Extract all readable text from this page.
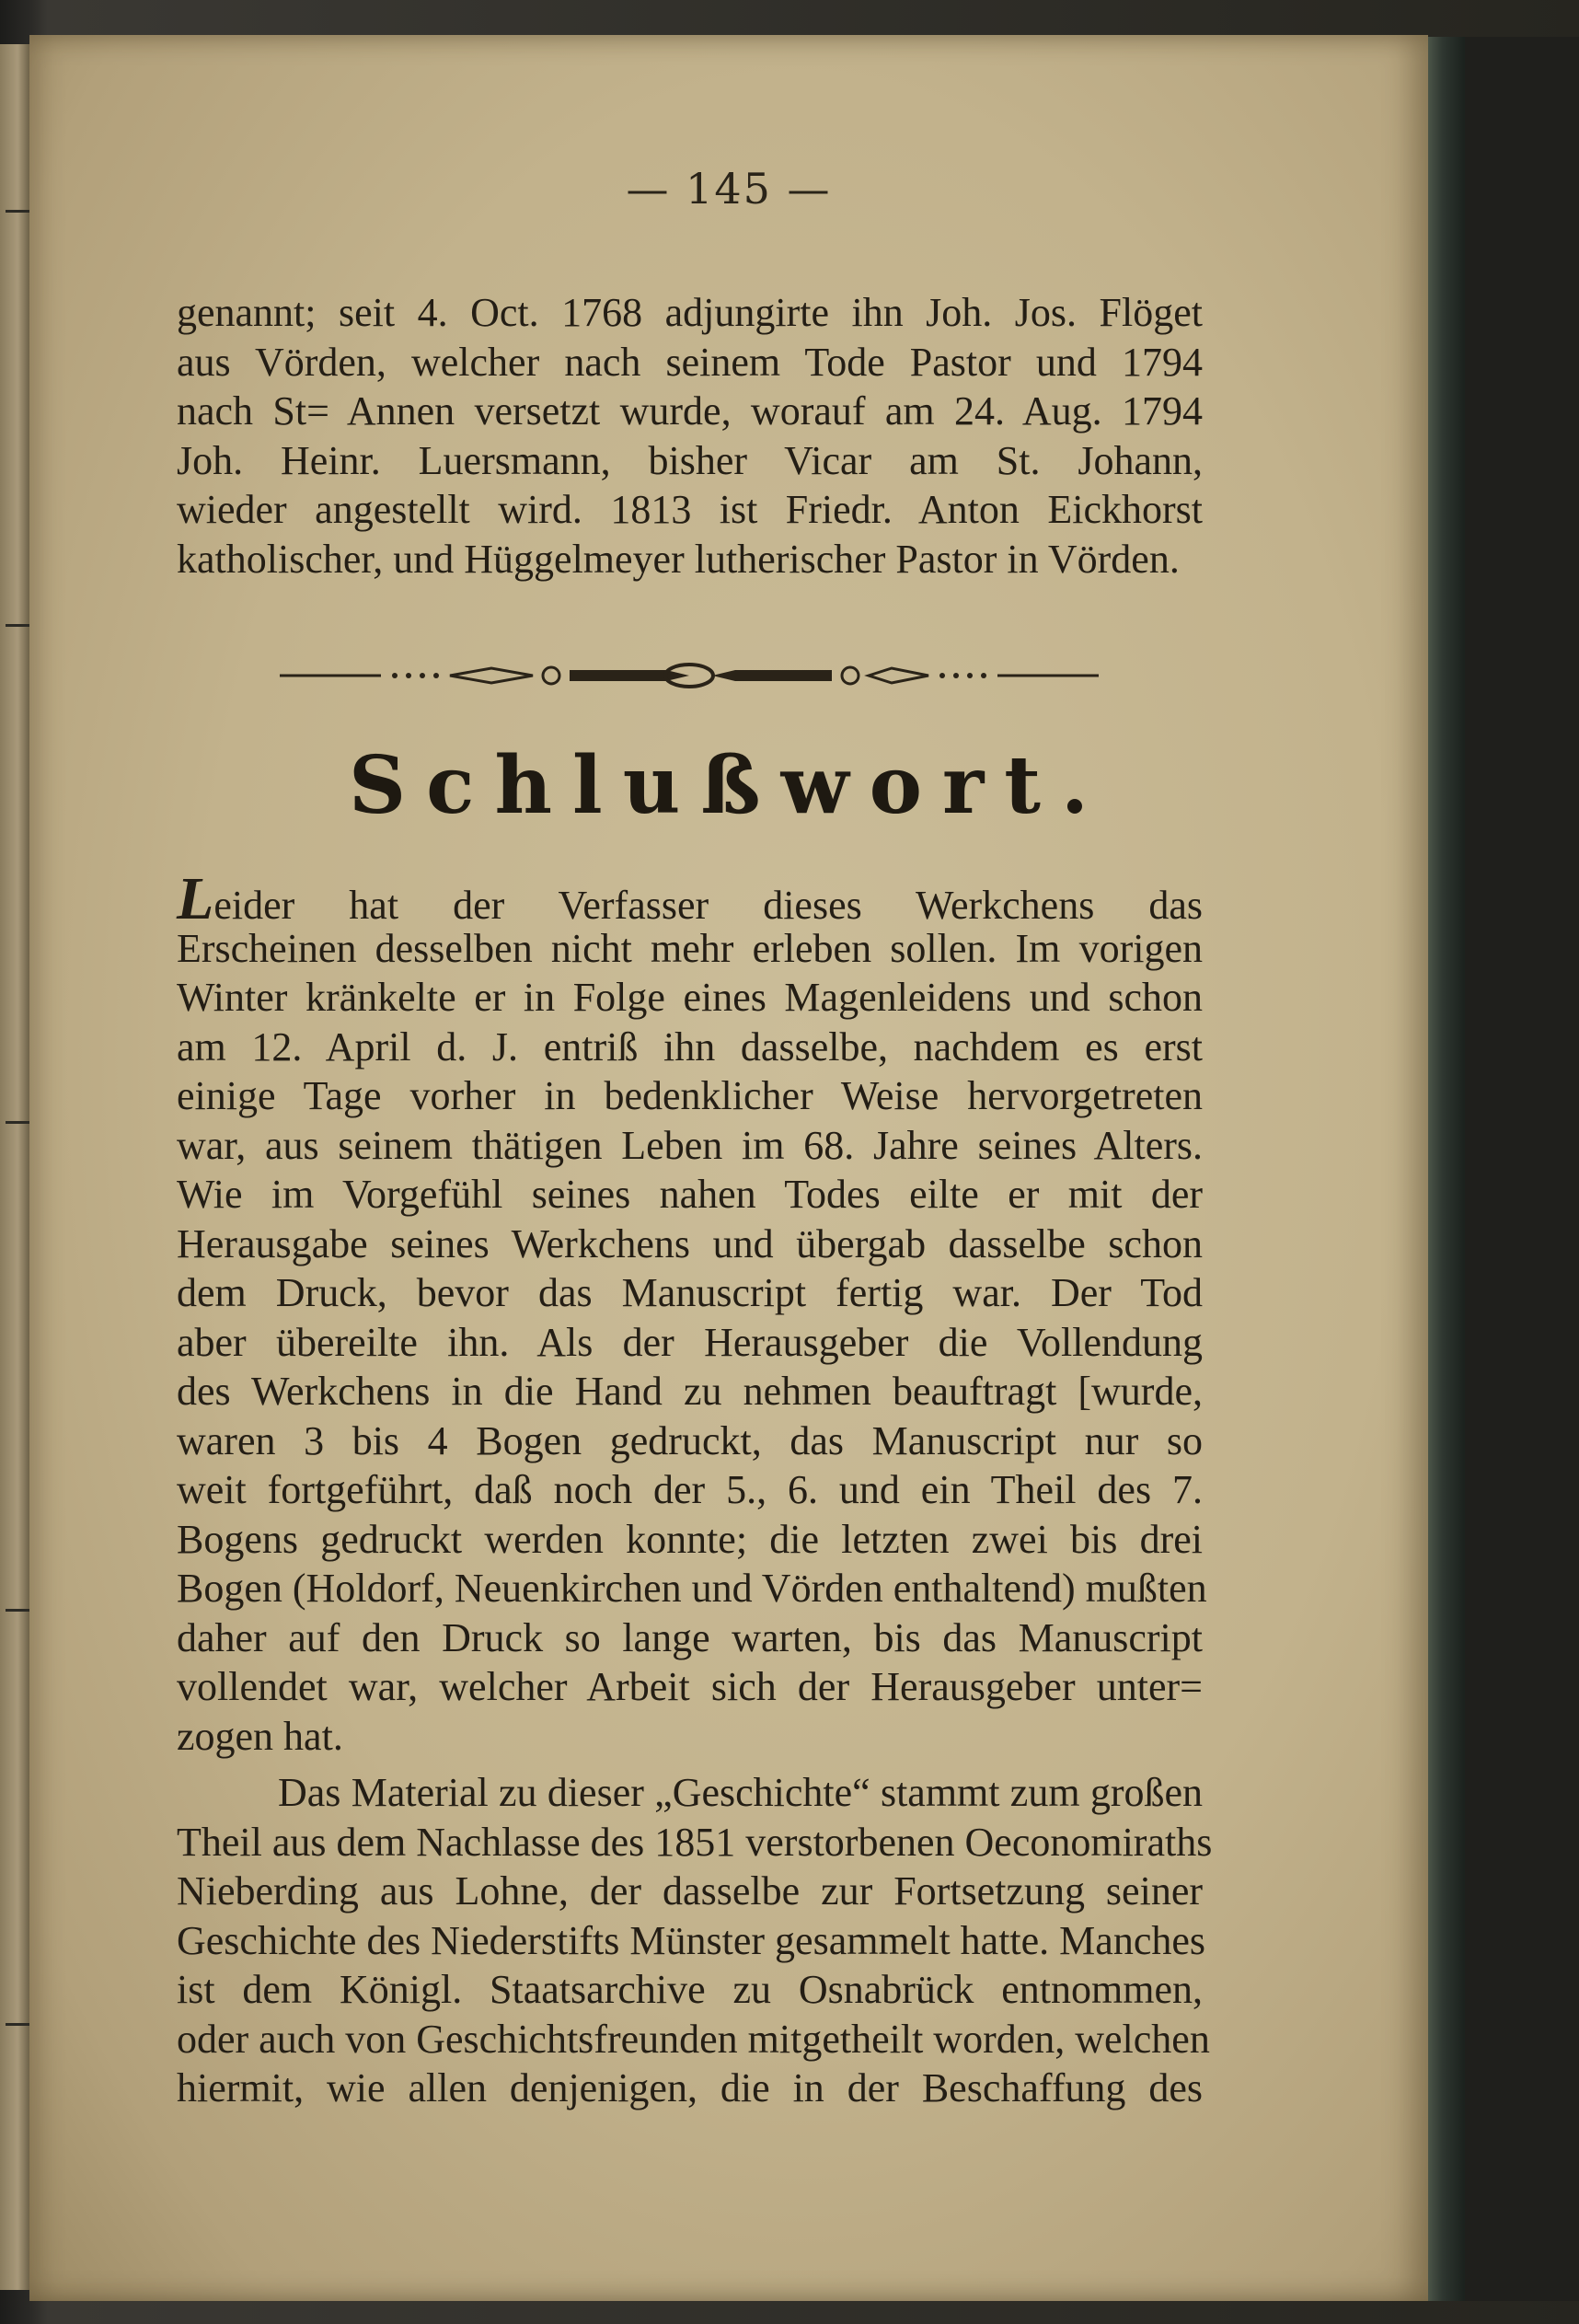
— 145 —
genannt; seit 4. Oct. 1768 adjungirte ihn Joh. Jos. Flöget
aus Vörden, welcher nach seinem Tode Pastor und 1794
nach St= Annen versetzt wurde, worauf am 24. Aug. 1794
Joh. Heinr. Luersmann, bisher Vicar am St. Johann,
wieder angestellt wird. 1813 ist Friedr. Anton Eickhorst
katholischer, und Hüggelmeyer lutherischer Pastor in Vörden.
Schlußwort.
Leider hat der Verfasser dieses Werkchens das
Erscheinen desselben nicht mehr erleben sollen. Im vorigen
Winter kränkelte er in Folge eines Magenleidens und schon
am 12. April d. J. entriß ihn dasselbe, nachdem es erst
einige Tage vorher in bedenklicher Weise hervorgetreten
war, aus seinem thätigen Leben im 68. Jahre seines Alters.
Wie im Vorgefühl seines nahen Todes eilte er mit der
Herausgabe seines Werkchens und übergab dasselbe schon
dem Druck, bevor das Manuscript fertig war. Der Tod
aber übereilte ihn. Als der Herausgeber die Vollendung
des Werkchens in die Hand zu nehmen beauftragt [wurde,
waren 3 bis 4 Bogen gedruckt, das Manuscript nur so
weit fortgeführt, daß noch der 5., 6. und ein Theil des 7.
Bogens gedruckt werden konnte; die letzten zwei bis drei
Bogen (Holdorf, Neuenkirchen und Vörden enthaltend) mußten
daher auf den Druck so lange warten, bis das Manuscript
vollendet war, welcher Arbeit sich der Herausgeber unter=
zogen hat.
Das Material zu dieser „Geschichte“ stammt zum großen
Theil aus dem Nachlasse des 1851 verstorbenen Oeconomiraths
Nieberding aus Lohne, der dasselbe zur Fortsetzung seiner
Geschichte des Niederstifts Münster gesammelt hatte. Manches
ist dem Königl. Staatsarchive zu Osnabrück entnommen,
oder auch von Geschichtsfreunden mitgetheilt worden, welchen
hiermit, wie allen denjenigen, die in der Beschaffung des
